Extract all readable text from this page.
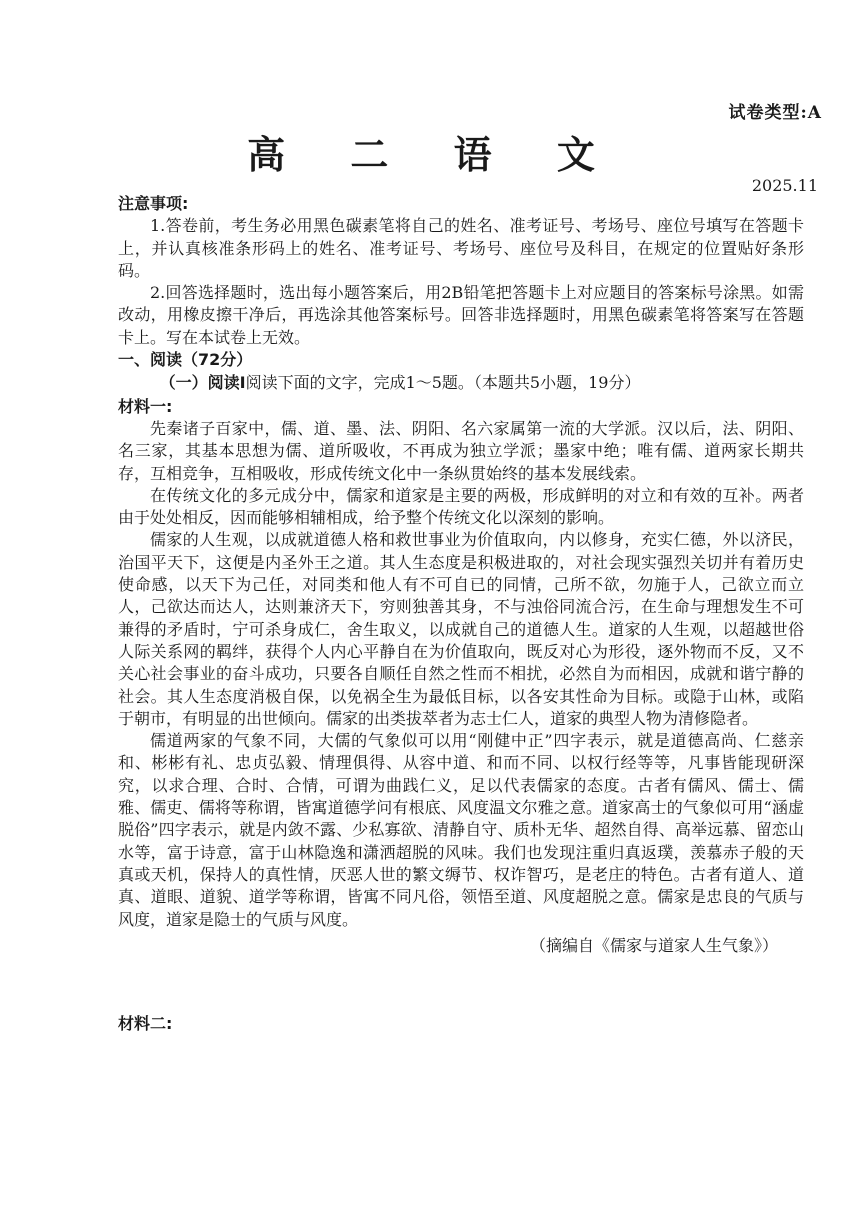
试卷类型:A
高 二 语 文
2025.11
注意事项:

1.答卷前，考生务必用黑色碳素笔将自己的姓名、准考证号、考场号、座位号填写在答题卡上，并认真核准条形码上的姓名、准考证号、考场号、座位号及科目，在规定的位置贴好条形码。

2.回答选择题时，选出每小题答案后，用2B铅笔把答题卡上对应题目的答案标号涂黑。如需改动，用橡皮擦干净后，再选涂其他答案标号。回答非选择题时，用黑色碳素笔将答案写在答题卡上。写在本试卷上无效。

一、阅读（72分）
（一）阅读Ⅰ阅读下面的文字，完成1～5题。（本题共5小题，19分）
材料一:

先秦诸子百家中，儒、道、墨、法、阴阳、名六家属第一流的大学派。汉以后，法、阴阳、名三家，其基本思想为儒、道所吸收，不再成为独立学派；墨家中绝；唯有儒、道两家长期共存，互相竞争，互相吸收，形成传统文化中一条纵贯始终的基本发展线索。

在传统文化的多元成分中，儒家和道家是主要的两极，形成鲜明的对立和有效的互补。两者由于处处相反，因而能够相辅相成，给予整个传统文化以深刻的影响。

儒家的人生观，以成就道德人格和救世事业为价值取向，内以修身，充实仁德，外以济民，治国平天下，这便是内圣外王之道。其人生态度是积极进取的，对社会现实强烈关切并有着历史使命感，以天下为己任，对同类和他人有不可自已的同情，己所不欲，勿施于人，己欲立而立人，己欲达而达人，达则兼济天下，穷则独善其身，不与浊俗同流合污，在生命与理想发生不可兼得的矛盾时，宁可杀身成仁，舍生取义，以成就自己的道德人生。道家的人生观，以超越世俗人际关系网的羁绊，获得个人内心平静自在为价值取向，既反对心为形役，逐外物而不反，又不关心社会事业的奋斗成功，只要各自顺任自然之性而不相扰，必然自为而相因，成就和谐宁静的社会。其人生态度消极自保，以免祸全生为最低目标，以各安其性命为目标。或隐于山林，或陷于朝市，有明显的出世倾向。儒家的出类拔萃者为志士仁人，道家的典型人物为清修隐者。

儒道两家的气象不同，大儒的气象似可以用“刚健中正”四字表示，就是道德高尚、仁慈亲和、彬彬有礼、忠贞弘毅、情理俱得、从容中道、和而不同、以权行经等等，凡事皆能现研深究，以求合理、合时、合情，可谓为曲践仁义，足以代表儒家的态度。古者有儒风、儒士、儒雅、儒吏、儒将等称谓，皆寓道德学问有根底、风度温文尔雅之意。道家高士的气象似可用“涵虚脱俗”四字表示，就是内敛不露、少私寡欲、清静自守、质朴无华、超然自得、高举远慕、留恋山水等，富于诗意，富于山林隐逸和潇洒超脱的风味。我们也发现注重归真返璞，羡慕赤子般的天真或天机，保持人的真性情，厌恶人世的繁文缛节、权诈智巧，是老庄的特色。古者有道人、道真、道眼、道貌、道学等称谓，皆寓不同凡俗，领悟至道、风度超脱之意。儒家是忠良的气质与风度，道家是隐士的气质与风度。

（摘编自《儒家与道家人生气象》）
材料二:
